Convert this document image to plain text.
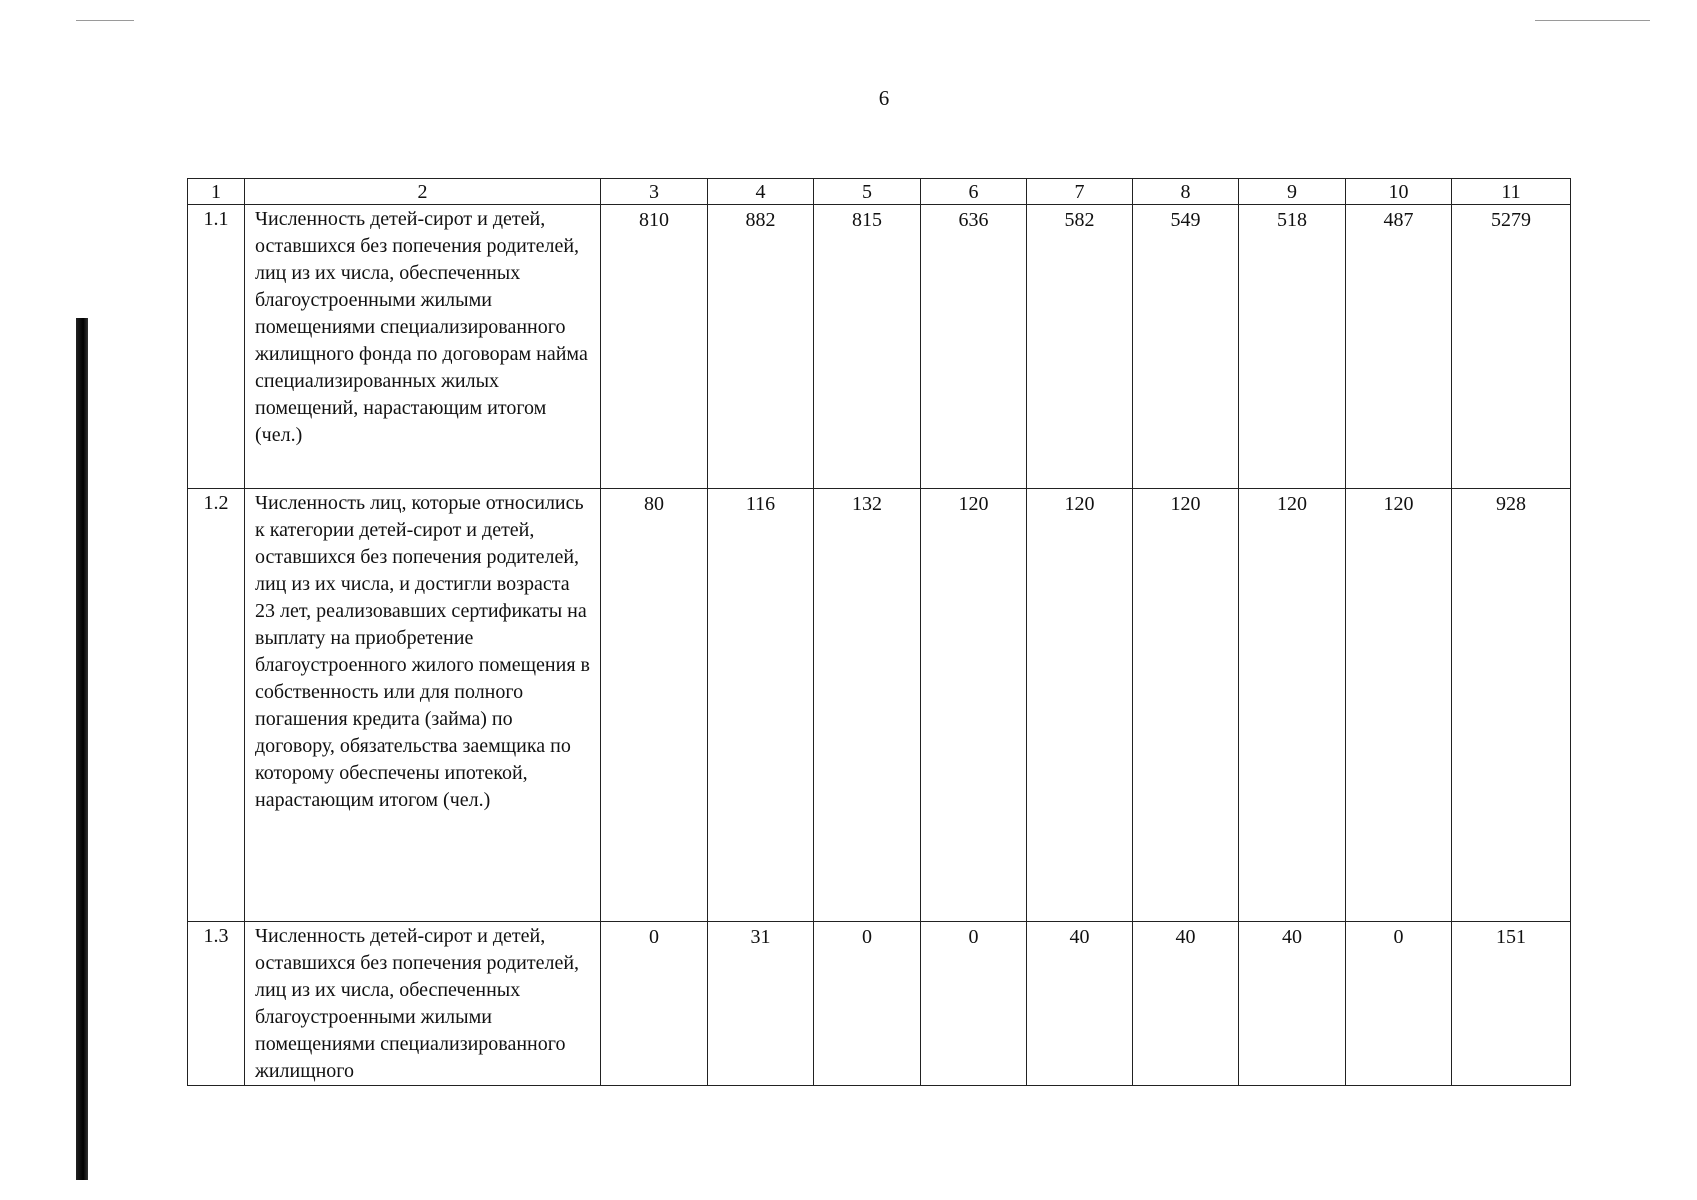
6
1	2	3	4	5	6	7	8	9	10	11
1.1	Численность детей-сирот и детей, оставшихся без попечения родителей, лиц из их числа, обеспеченных благоустроенными жилыми помещениями специализированного жилищного фонда по договорам найма специализированных жилых помещений, нарастающим итогом (чел.)	810	882	815	636	582	549	518	487	5279
1.2	Численность лиц, которые относились к категории детей-сирот и детей, оставшихся без попечения родителей, лиц из их числа, и достигли возраста 23 лет, реализовавших сертификаты на выплату на приобретение благоустроенного жилого помещения в собственность или для полного погашения кредита (займа) по договору, обязательства заемщика по которому обеспечены ипотекой, нарастающим итогом (чел.)	80	116	132	120	120	120	120	120	928
1.3	Численность детей-сирот и детей, оставшихся без попечения родителей, лиц из их числа, обеспеченных благоустроенными жилыми помещениями специализированного жилищного	0	31	0	0	40	40	40	0	151
